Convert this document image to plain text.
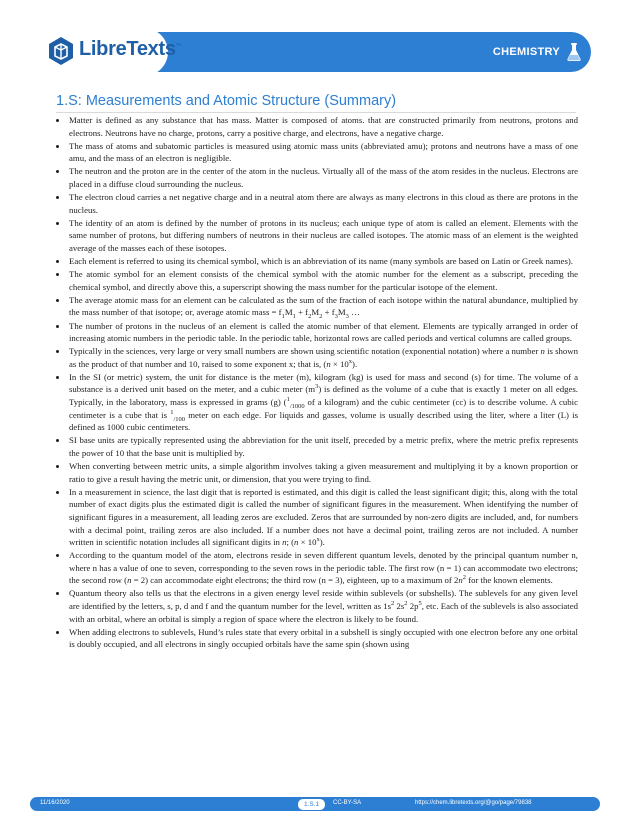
LibreTexts™	CHEMISTRY
1.S: Measurements and Atomic Structure (Summary)
• Matter is defined as any substance that has mass. Matter is composed of atoms. that are constructed primarily from neutrons, protons and electrons. Neutrons have no charge, protons, carry a positive charge, and electrons, have a negative charge.
• The mass of atoms and subatomic particles is measured using atomic mass units (abbreviated amu); protons and neutrons have a mass of one amu, and the mass of an electron is negligible.
• The neutron and the proton are in the center of the atom in the nucleus. Virtually all of the mass of the atom resides in the nucleus. Electrons are placed in a diffuse cloud surrounding the nucleus.
• The electron cloud carries a net negative charge and in a neutral atom there are always as many electrons in this cloud as there are protons in the nucleus.
• The identity of an atom is defined by the number of protons in its nucleus; each unique type of atom is called an element. Elements with the same number of protons, but differing numbers of neutrons in their nucleus are called isotopes. The atomic mass of an element is the weighted average of the masses each of these isotopes.
• Each element is referred to using its chemical symbol, which is an abbreviation of its name (many symbols are based on Latin or Greek names).
• The atomic symbol for an element consists of the chemical symbol with the atomic number for the element as a subscript, preceding the chemical symbol, and directly above this, a superscript showing the mass number for the particular isotope of the element.
• The average atomic mass for an element can be calculated as the sum of the fraction of each isotope within the natural abundance, multiplied by the mass number of that isotope; or, average atomic mass = $f_1M_1 + f_2M_2 + f_3M_3$ …
• The number of protons in the nucleus of an element is called the atomic number of that element. Elements are typically arranged in order of increasing atomic numbers in the periodic table. In the periodic table, horizontal rows are called periods and vertical columns are called groups.
• Typically in the sciences, very large or very small numbers are shown using scientific notation (exponential notation) where a number n is shown as the product of that number and 10, raised to some exponent x; that is, $(n \times 10^x)$.
• In the SI (or metric) system, the unit for distance is the meter (m), kilogram (kg) is used for mass and second (s) for time. The volume of a substance is a derived unit based on the meter, and a cubic meter $(m^3)$ is defined as the volume of a cube that is exactly 1 meter on all edges. Typically, in the laboratory, mass is expressed in grams (g) ($^1_{/1000}$ of a kilogram) and the cubic centimeter (cc) is to describe volume. A cubic centimeter is a cube that is $^1_{/100}$ meter on each edge. For liquids and gasses, volume is usually described using the liter, where a liter (L) is defined as 1000 cubic centimeters.
• SI base units are typically represented using the abbreviation for the unit itself, preceded by a metric prefix, where the metric prefix represents the power of 10 that the base unit is multiplied by.
• When converting between metric units, a simple algorithm involves taking a given measurement and multiplying it by a known proportion or ratio to give a result having the metric unit, or dimension, that you were trying to find.
• In a measurement in science, the last digit that is reported is estimated, and this digit is called the least significant digit; this, along with the total number of exact digits plus the estimated digit is called the number of significant figures in the measurement. When identifying the number of significant figures in a measurement, all leading zeros are excluded. Zeros that are surrounded by non-zero digits are included, and, for numbers with a decimal point, trailing zeros are also included. If a number does not have a decimal point, trailing zeros are not included. A number written in scientific notation includes all significant digits in n; $(n \times 10^x)$.
• According to the quantum model of the atom, electrons reside in seven different quantum levels, denoted by the principal quantum number n, where n has a value of one to seven, corresponding to the seven rows in the periodic table. The first row (n = 1) can accommodate two electrons; the second row (n = 2) can accommodate eight electrons; the third row (n = 3), eighteen, up to a maximum of $2n^2$ for the known elements.
• Quantum theory also tells us that the electrons in a given energy level reside within sublevels (or subshells). The sublevels for any given level are identified by the letters, s, p, d and f and the quantum number for the level, written as $1s^2$ $2s^2$ $2p^5$, etc. Each of the sublevels is also associated with an orbital, where an orbital is simply a region of space where the electron is likely to be found.
• When adding electrons to sublevels, Hund’s rules state that every orbital in a subshell is singly occupied with one electron before any one orbital is doubly occupied, and all electrons in singly occupied orbitals have the same spin (shown using
11/16/2020	1.S.1	CC-BY-SA	https://chem.libretexts.org/@go/page/79838
